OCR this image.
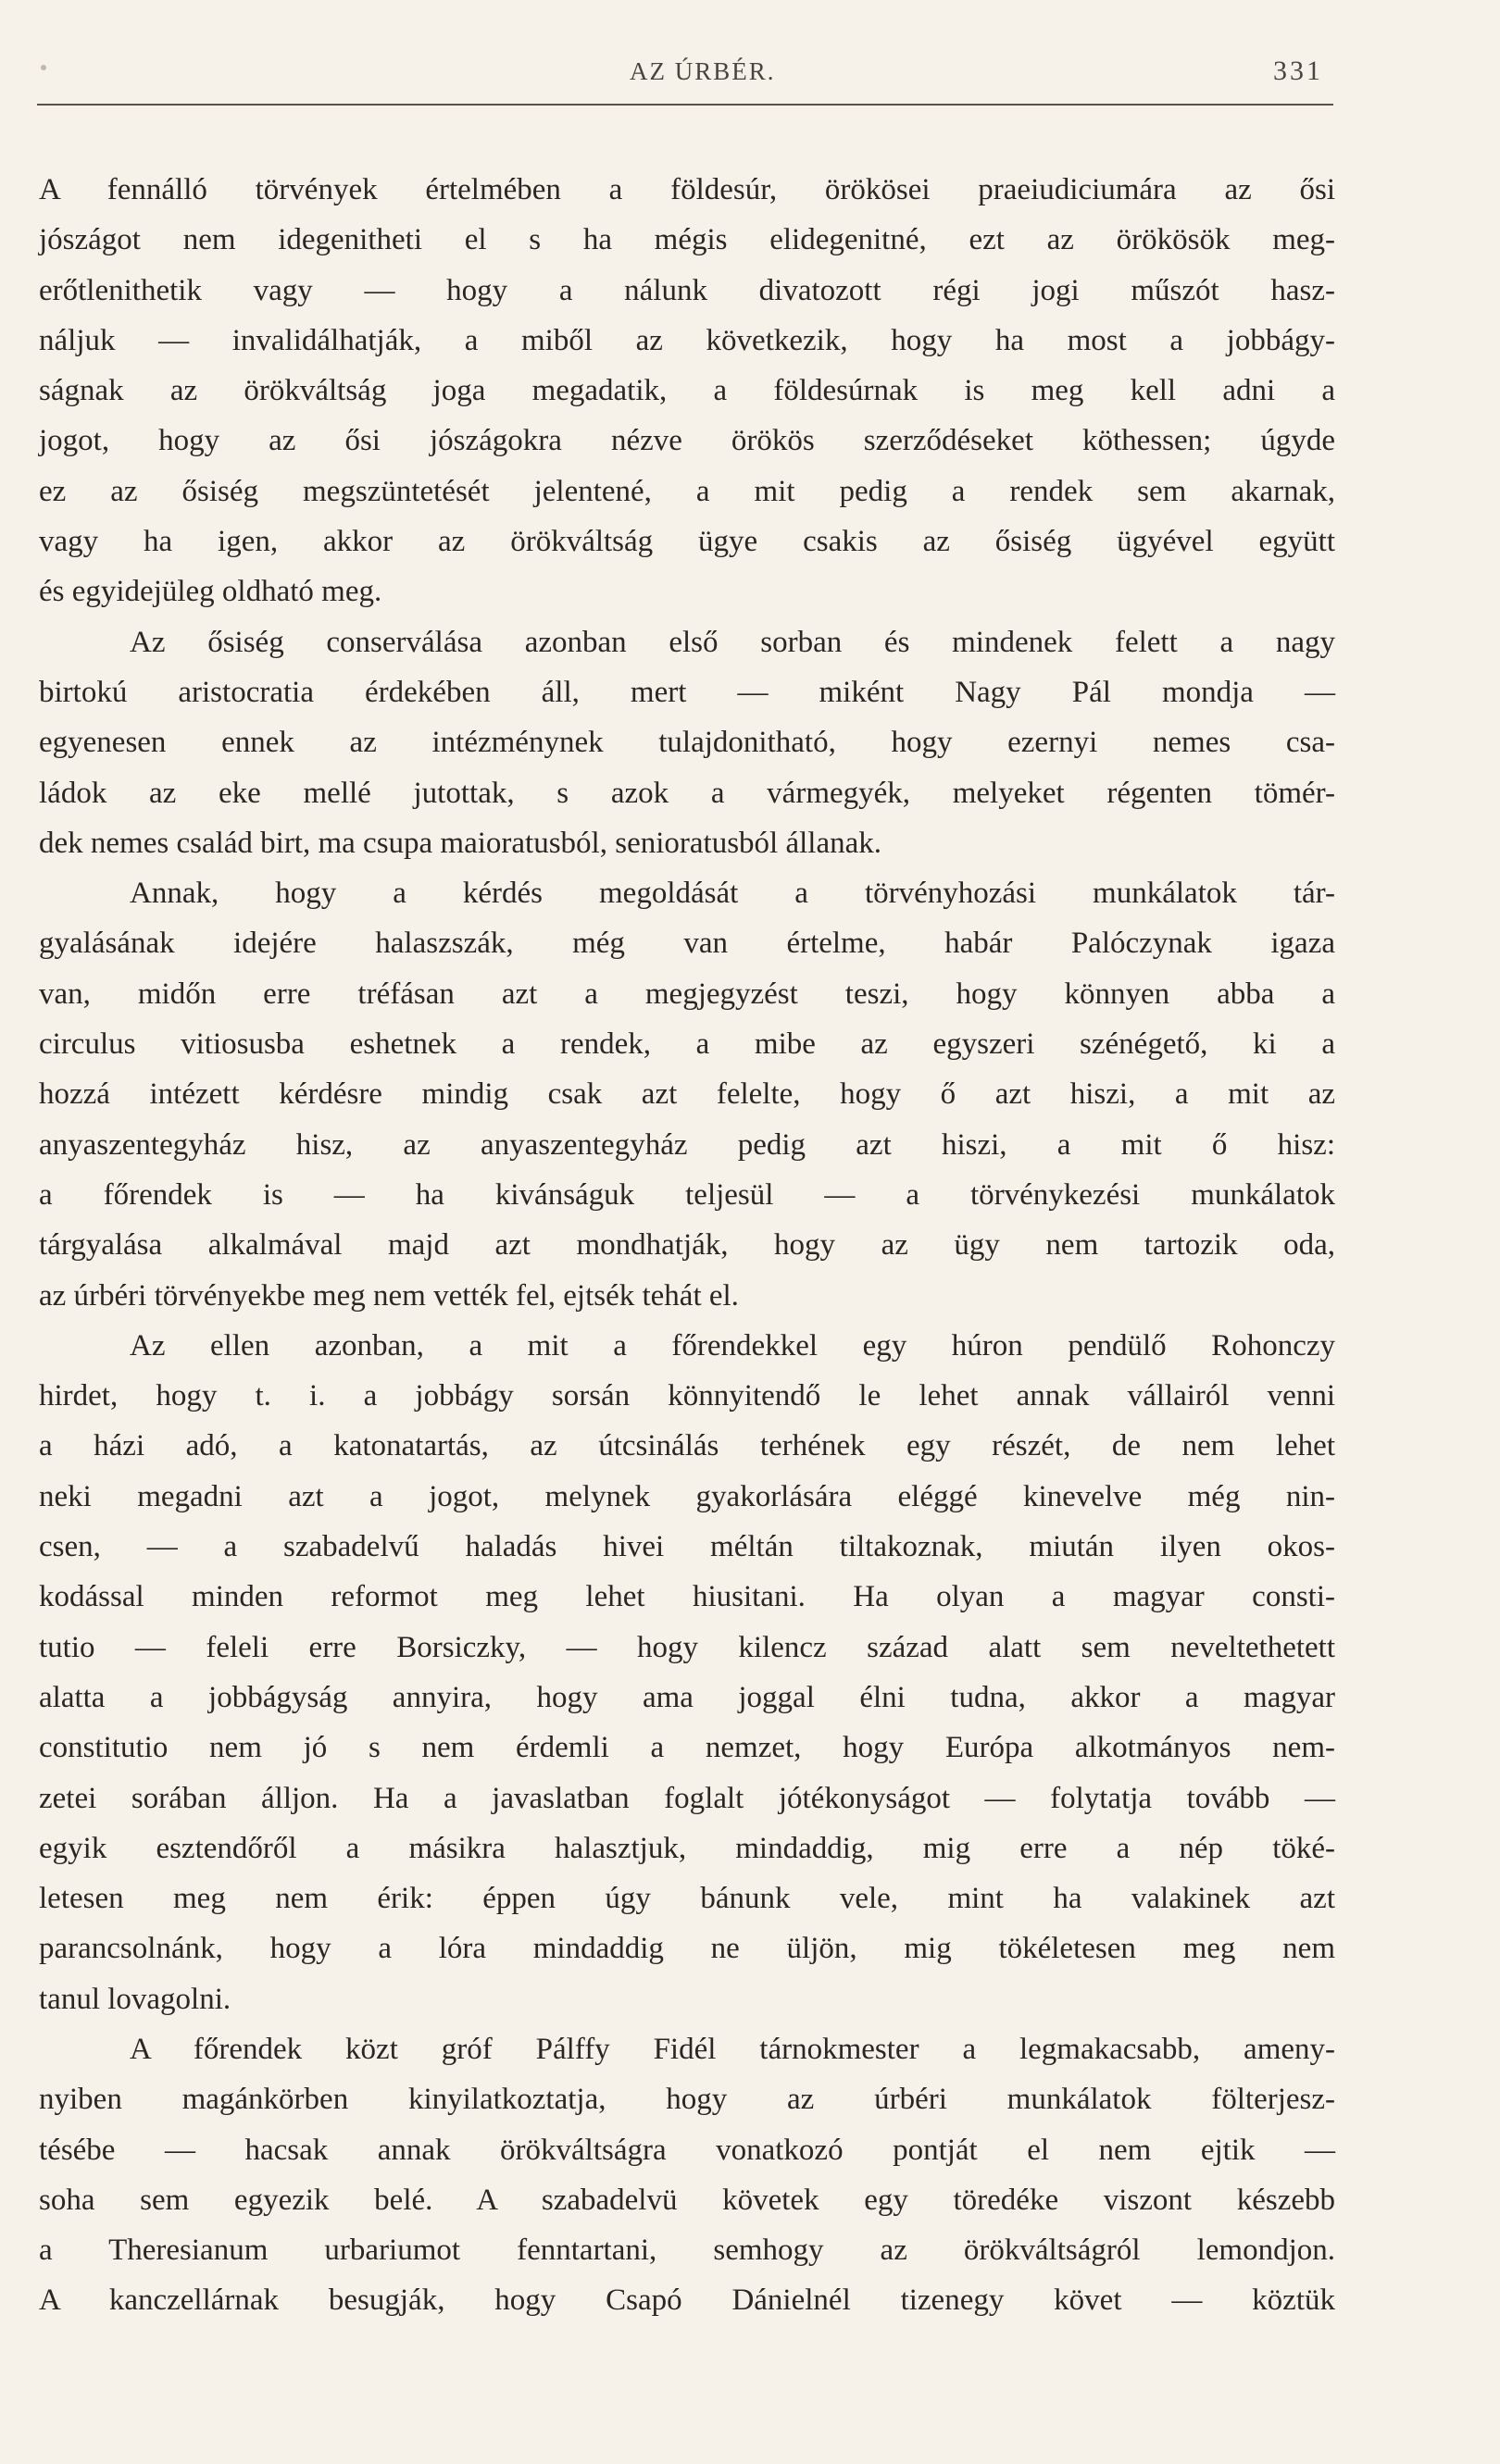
AZ ÚRBÉR.	331
A fennálló törvények értelmében a földesúr, örökösei praeiudiciumára az ősi
jószágot nem idegenitheti el s ha mégis elidegenitné, ezt az örökösök meg-
erőtlenithetik vagy — hogy a nálunk divatozott régi jogi műszót hasz-
náljuk — invalidálhatják, a miből az következik, hogy ha most a jobbágy-
ságnak az örökváltság joga megadatik, a földesúrnak is meg kell adni a
jogot, hogy az ősi jószágokra nézve örökös szerződéseket köthessen; úgyde
ez az ősiség megszüntetését jelentené, a mit pedig a rendek sem akarnak,
vagy ha igen, akkor az örökváltság ügye csakis az ősiség ügyével együtt
és egyidejüleg oldható meg.
Az ősiség conserválása azonban első sorban és mindenek felett a nagy
birtokú aristocratia érdekében áll, mert — miként Nagy Pál mondja —
egyenesen ennek az intézménynek tulajdonitható, hogy ezernyi nemes csa-
ládok az eke mellé jutottak, s azok a vármegyék, melyeket régenten tömér-
dek nemes család birt, ma csupa maioratusból, senioratusból állanak.
Annak, hogy a kérdés megoldását a törvényhozási munkálatok tár-
gyalásának idejére halaszszák, még van értelme, habár Palóczynak igaza
van, midőn erre tréfásan azt a megjegyzést teszi, hogy könnyen abba a
circulus vitiosusba eshetnek a rendek, a mibe az egyszeri szénégető, ki a
hozzá intézett kérdésre mindig csak azt felelte, hogy ő azt hiszi, a mit az
anyaszentegyház hisz, az anyaszentegyház pedig azt hiszi, a mit ő hisz:
a főrendek is — ha kivánságuk teljesül — a törvénykezési munkálatok
tárgyalása alkalmával majd azt mondhatják, hogy az ügy nem tartozik oda,
az úrbéri törvényekbe meg nem vették fel, ejtsék tehát el.
Az ellen azonban, a mit a főrendekkel egy húron pendülő Rohonczy
hirdet, hogy t. i. a jobbágy sorsán könnyitendő le lehet annak vállairól venni
a házi adó, a katonatartás, az útcsinálás terhének egy részét, de nem lehet
neki megadni azt a jogot, melynek gyakorlására eléggé kinevelve még nin-
csen, — a szabadelvű haladás hivei méltán tiltakoznak, miután ilyen okos-
kodással minden reformot meg lehet hiusitani. Ha olyan a magyar consti-
tutio — feleli erre Borsiczky, — hogy kilencz század alatt sem neveltethetett
alatta a jobbágyság annyira, hogy ama joggal élni tudna, akkor a magyar
constitutio nem jó s nem érdemli a nemzet, hogy Európa alkotmányos nem-
zetei sorában álljon. Ha a javaslatban foglalt jótékonyságot — folytatja tovább —
egyik esztendőről a másikra halasztjuk, mindaddig, mig erre a nép töké-
letesen meg nem érik: éppen úgy bánunk vele, mint ha valakinek azt
parancsolnánk, hogy a lóra mindaddig ne üljön, mig tökéletesen meg nem
tanul lovagolni.
A főrendek közt gróf Pálffy Fidél tárnokmester a legmakacsabb, ameny-
nyiben magánkörben kinyilatkoztatja, hogy az úrbéri munkálatok fölterjesz-
tésébe — hacsak annak örökváltságra vonatkozó pontját el nem ejtik —
soha sem egyezik belé. A szabadelvü követek egy töredéke viszont készebb
a Theresianum urbariumot fenntartani, semhogy az örökváltságról lemondjon.
A kanczellárnak besugják, hogy Csapó Dánielnél tizenegy követ — köztük
